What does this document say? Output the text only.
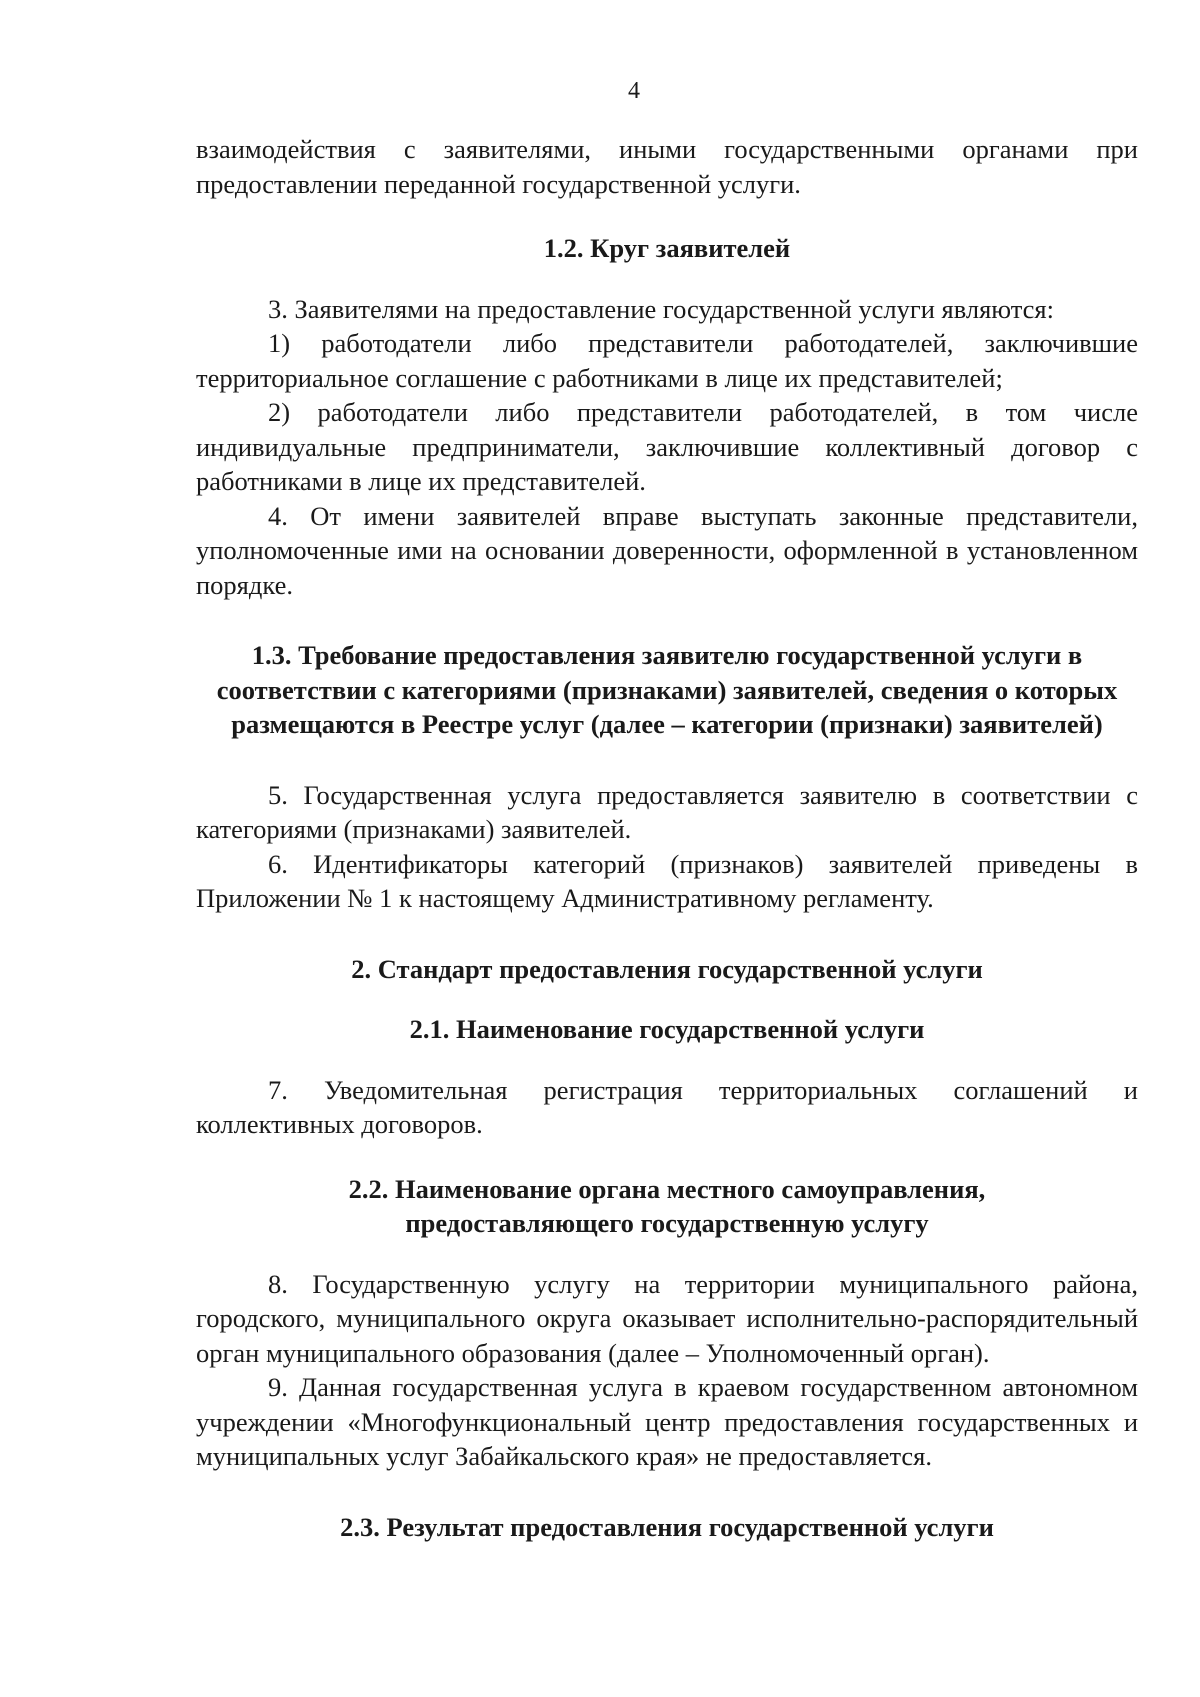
4

взаимодействия с заявителями, иными государственными органами при предоставлении переданной государственной услуги.

1.2. Круг заявителей

3. Заявителями на предоставление государственной услуги являются:

1) работодатели либо представители работодателей, заключившие территориальное соглашение с работниками в лице их представителей;

2) работодатели либо представители работодателей, в том числе индивидуальные предприниматели, заключившие коллективный договор с работниками в лице их представителей.

4. От имени заявителей вправе выступать законные представители, уполномоченные ими на основании доверенности, оформленной в установленном порядке.

1.3. Требование предоставления заявителю государственной услуги в соответствии с категориями (признаками) заявителей, сведения о которых размещаются в Реестре услуг (далее – категории (признаки) заявителей)

5. Государственная услуга предоставляется заявителю в соответствии с категориями (признаками) заявителей.

6. Идентификаторы категорий (признаков) заявителей приведены в Приложении № 1 к настоящему Административному регламенту.

2. Стандарт предоставления государственной услуги

2.1. Наименование государственной услуги

7. Уведомительная регистрация территориальных соглашений и коллективных договоров.

2.2. Наименование органа местного самоуправления, предоставляющего государственную услугу

8. Государственную услугу на территории муниципального района, городского, муниципального округа оказывает исполнительно-распорядительный орган муниципального образования (далее – Уполномоченный орган).

9. Данная государственная услуга в краевом государственном автономном учреждении «Многофункциональный центр предоставления государственных и муниципальных услуг Забайкальского края» не предоставляется.

2.3. Результат предоставления государственной услуги
